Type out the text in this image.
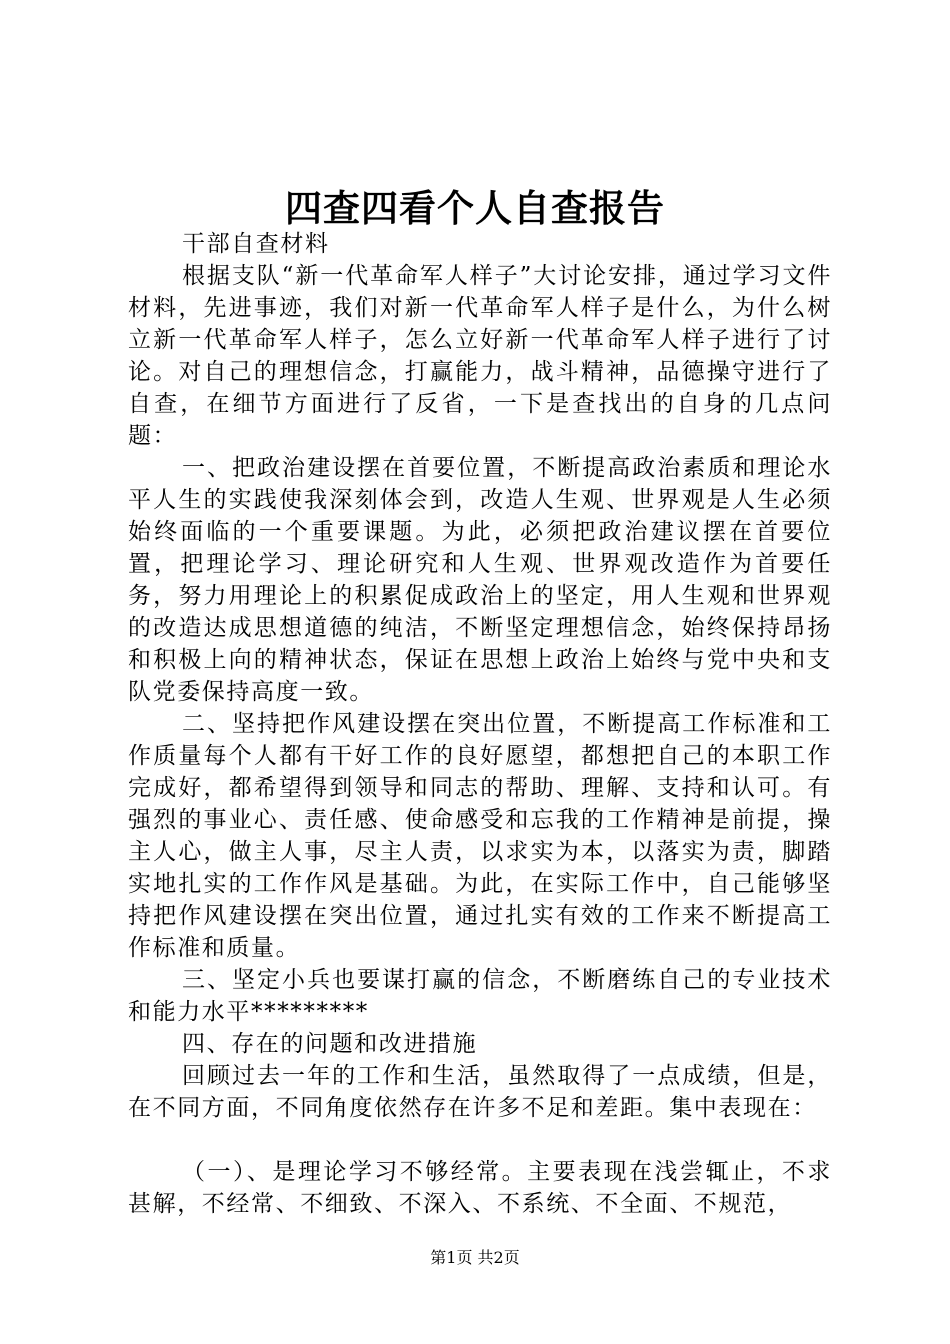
四查四看个人自查报告

干部自查材料

根据支队“新一代革命军人样子”大讨论安排，通过学习文件材料，先进事迹，我们对新一代革命军人样子是什么，为什么树立新一代革命军人样子，怎么立好新一代革命军人样子进行了讨论。对自己的理想信念，打赢能力，战斗精神，品德操守进行了自查，在细节方面进行了反省，一下是查找出的自身的几点问题：

一、把政治建设摆在首要位置，不断提高政治素质和理论水平人生的实践使我深刻体会到，改造人生观、世界观是人生必须始终面临的一个重要课题。为此，必须把政治建议摆在首要位置，把理论学习、理论研究和人生观、世界观改造作为首要任务，努力用理论上的积累促成政治上的坚定，用人生观和世界观的改造达成思想道德的纯洁，不断坚定理想信念，始终保持昂扬和积极上向的精神状态，保证在思想上政治上始终与党中央和支队党委保持高度一致。

二、坚持把作风建设摆在突出位置，不断提高工作标准和工作质量每个人都有干好工作的良好愿望，都想把自己的本职工作完成好，都希望得到领导和同志的帮助、理解、支持和认可。有强烈的事业心、责任感、使命感受和忘我的工作精神是前提，操主人心，做主人事，尽主人责，以求实为本，以落实为责，脚踏实地扎实的工作作风是基础。为此，在实际工作中，自己能够坚持把作风建设摆在突出位置，通过扎实有效的工作来不断提高工作标准和质量。

三、坚定小兵也要谋打赢的信念，不断磨练自己的专业技术和能力水平*********

四、存在的问题和改进措施

回顾过去一年的工作和生活，虽然取得了一点成绩，但是，在不同方面，不同角度依然存在许多不足和差距。集中表现在：

（一）、是理论学习不够经常。主要表现在浅尝辄止，不求甚解，不经常、不细致、不深入、不系统、不全面、不规范，

第1页 共2页
